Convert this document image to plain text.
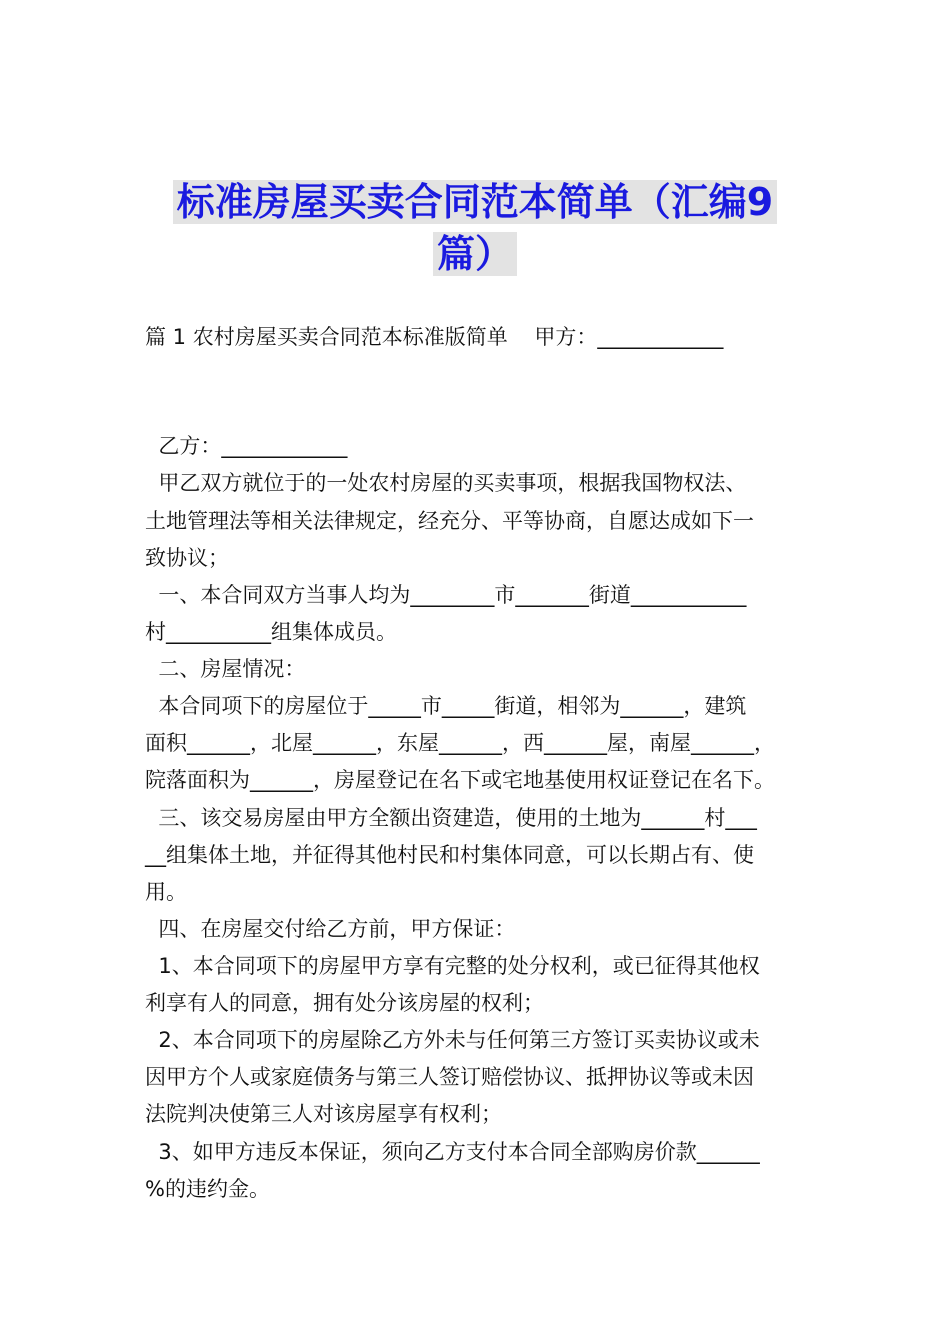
标准房屋买卖合同范本简单（汇编9
篇）
篇 1 农村房屋买卖合同范本标准版简单    甲方：____________
乙方：____________
甲乙双方就位于的一处农村房屋的买卖事项，根据我国物权法、
土地管理法等相关法律规定，经充分、平等协商，自愿达成如下一
致协议；
一、本合同双方当事人均为________市_______街道___________
村__________组集体成员。
二、房屋情况：
本合同项下的房屋位于_____市_____街道，相邻为______，建筑
面积______，北屋______，东屋______，西______屋，南屋______，
院落面积为______，房屋登记在名下或宅地基使用权证登记在名下。
三、该交易房屋由甲方全额出资建造，使用的土地为______村___
__组集体土地，并征得其他村民和村集体同意，可以长期占有、使
用。
四、在房屋交付给乙方前，甲方保证：
1、本合同项下的房屋甲方享有完整的处分权利，或已征得其他权
利享有人的同意，拥有处分该房屋的权利；
2、本合同项下的房屋除乙方外未与任何第三方签订买卖协议或未
因甲方个人或家庭债务与第三人签订赔偿协议、抵押协议等或未因
法院判决使第三人对该房屋享有权利；
3、如甲方违反本保证，须向乙方支付本合同全部购房价款______
%的违约金。
